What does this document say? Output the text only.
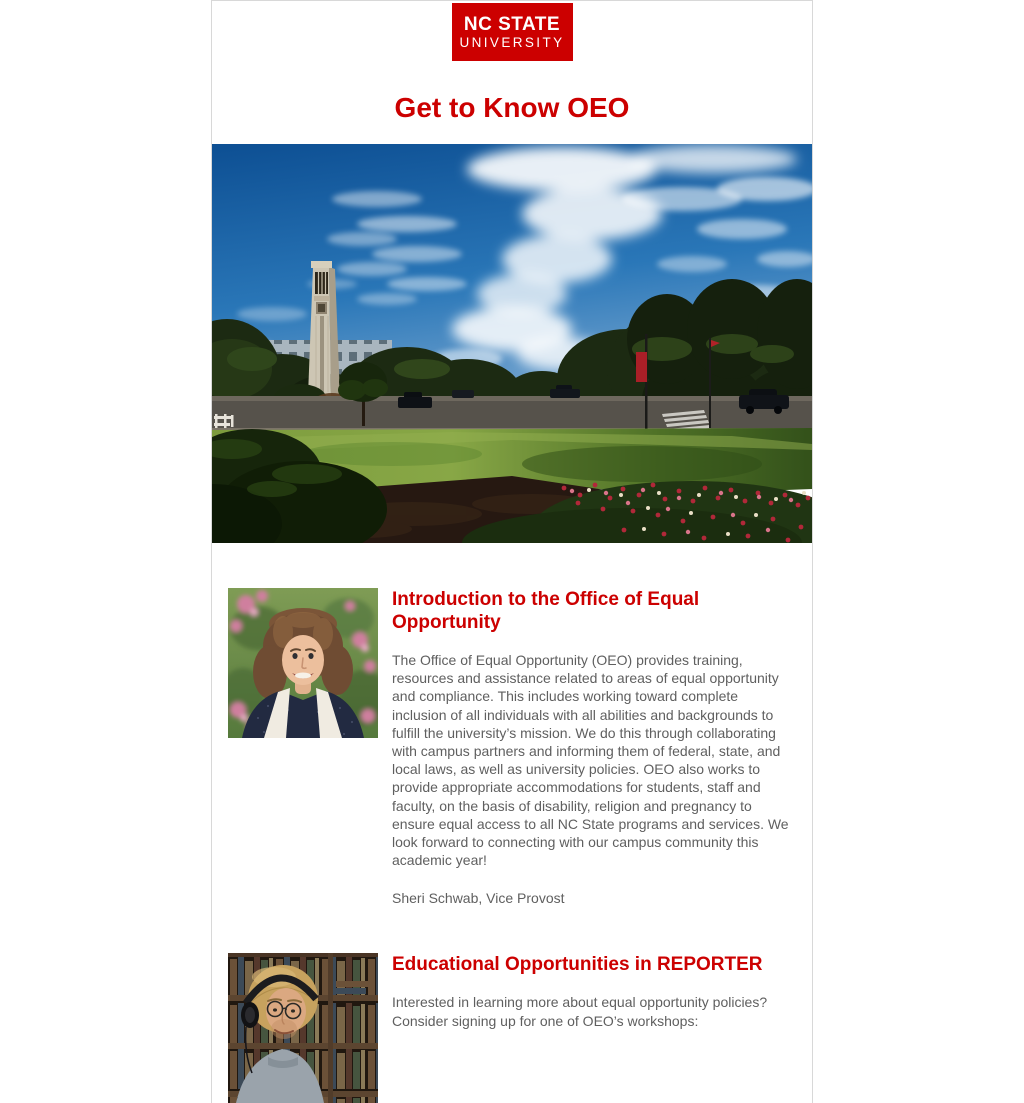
NC STATE
UNIVERSITY
Get to Know OEO
Introduction to the Office of Equal Opportunity

The Office of Equal Opportunity (OEO) provides training, resources and assistance related to areas of equal opportunity and compliance. This includes working toward complete inclusion of all individuals with all abilities and backgrounds to fulfill the university’s mission. We do this through collaborating with campus partners and informing them of federal, state, and local laws, as well as university policies. OEO also works to provide appropriate accommodations for students, staff and faculty, on the basis of disability, religion and pregnancy to ensure equal access to all NC State programs and services. We look forward to connecting with our campus community this academic year!

Sheri Schwab, Vice Provost

Educational Opportunities in REPORTER

Interested in learning more about equal opportunity policies? Consider signing up for one of OEO’s workshops:
